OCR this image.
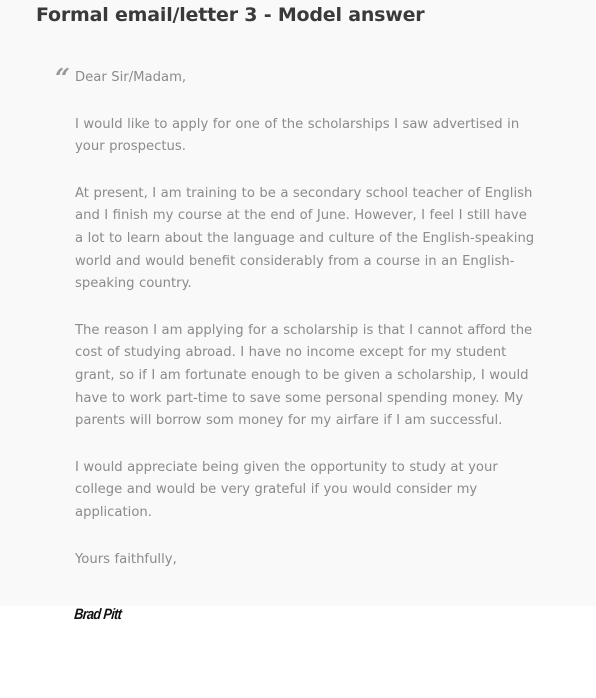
Formal email/letter 3 - Model answer
“ Dear Sir/Madam,

I would like to apply for one of the scholarships I saw advertised in your prospectus.

At present, I am training to be a secondary school teacher of English and I finish my course at the end of June. However, I feel I still have a lot to learn about the language and culture of the English-speaking world and would benefit considerably from a course in an English-speaking country.

The reason I am applying for a scholarship is that I cannot afford the cost of studying abroad. I have no income except for my student grant, so if I am fortunate enough to be given a scholarship, I would have to work part-time to save some personal spending money. My parents will borrow som money for my airfare if I am successful.

I would appreciate being given the opportunity to study at your college and would be very grateful if you would consider my application.

Yours faithfully,

Brad Pitt
